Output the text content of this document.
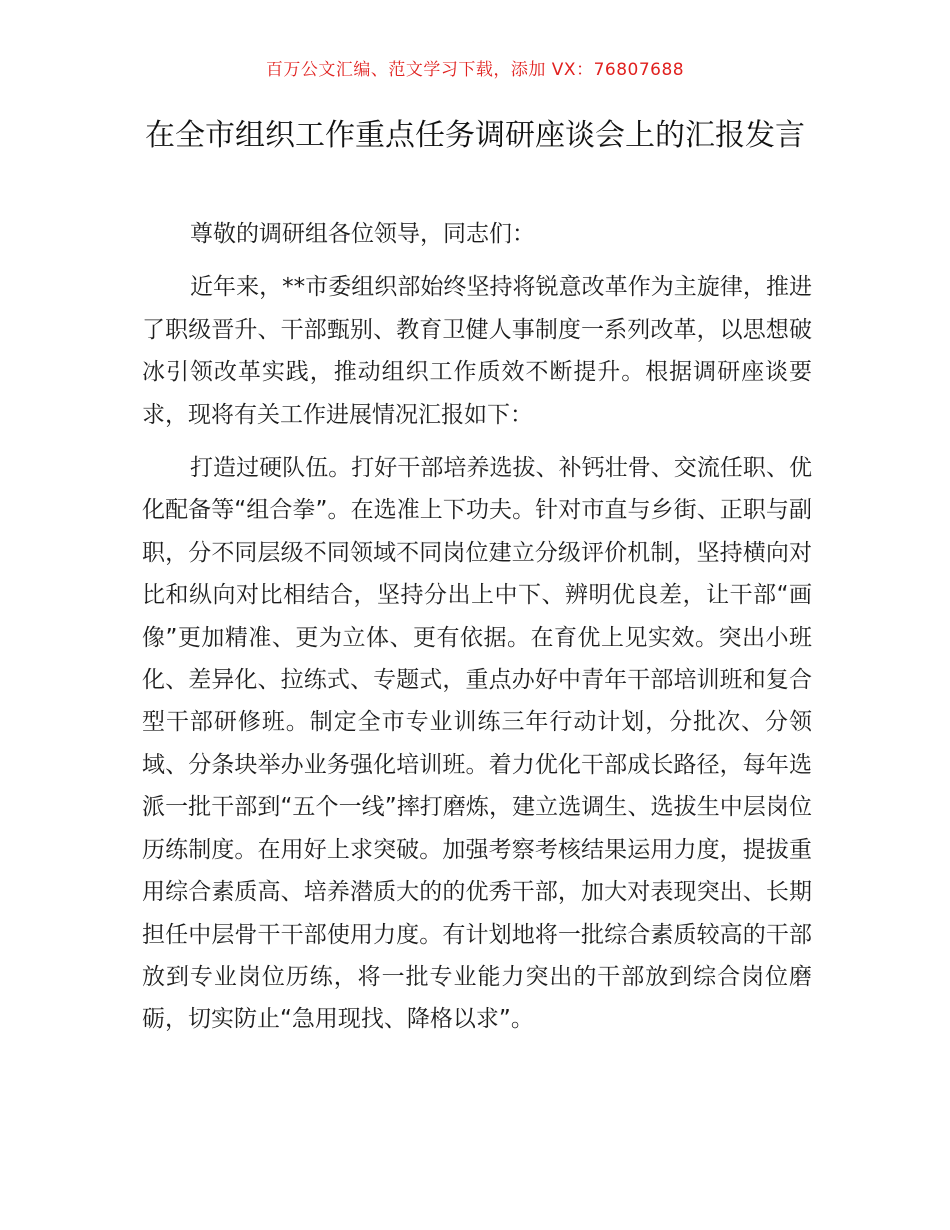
百万公文汇编、范文学习下载，添加 VX：76807688
在全市组织工作重点任务调研座谈会上的汇报发言

尊敬的调研组各位领导，同志们：

近年来，**市委组织部始终坚持将锐意改革作为主旋律，推进了职级晋升、干部甄别、教育卫健人事制度一系列改革，以思想破冰引领改革实践，推动组织工作质效不断提升。根据调研座谈要求，现将有关工作进展情况汇报如下：

打造过硬队伍。打好干部培养选拔、补钙壮骨、交流任职、优化配备等“组合拳”。在选准上下功夫。针对市直与乡街、正职与副职，分不同层级不同领域不同岗位建立分级评价机制，坚持横向对比和纵向对比相结合，坚持分出上中下、辨明优良差，让干部“画像”更加精准、更为立体、更有依据。在育优上见实效。突出小班化、差异化、拉练式、专题式，重点办好中青年干部培训班和复合型干部研修班。制定全市专业训练三年行动计划，分批次、分领域、分条块举办业务强化培训班。着力优化干部成长路径，每年选派一批干部到“五个一线”摔打磨炼，建立选调生、选拔生中层岗位历练制度。在用好上求突破。加强考察考核结果运用力度，提拔重用综合素质高、培养潜质大的的优秀干部，加大对表现突出、长期担任中层骨干干部使用力度。有计划地将一批综合素质较高的干部放到专业岗位历练，将一批专业能力突出的干部放到综合岗位磨砺，切实防止“急用现找、降格以求”。
